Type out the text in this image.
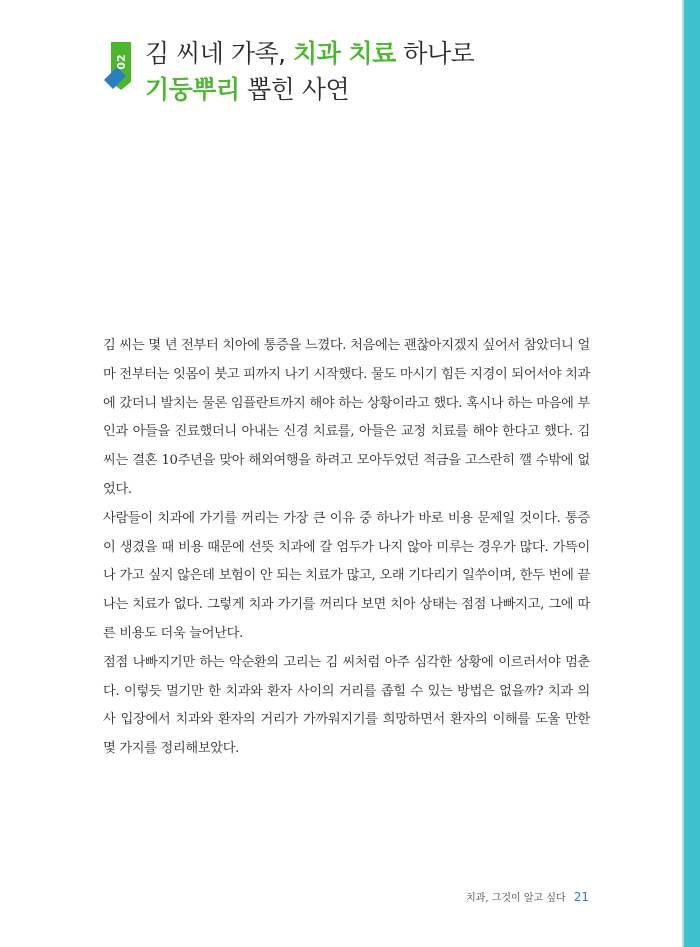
02 김 씨네 가족, 치과 치료 하나로
기둥뿌리 뽑힌 사연

김 씨는 몇 년 전부터 치아에 통증을 느꼈다. 처음에는 괜찮아지겠지 싶어서 참았더니 얼마 전부터는 잇몸이 붓고 피까지 나기 시작했다. 물도 마시기 힘든 지경이 되어서야 치과에 갔더니 발치는 물론 임플란트까지 해야 하는 상황이라고 했다. 혹시나 하는 마음에 부인과 아들을 진료했더니 아내는 신경 치료를, 아들은 교정 치료를 해야 한다고 했다. 김 씨는 결혼 10주년을 맞아 해외여행을 하려고 모아두었던 적금을 고스란히 깰 수밖에 없었다.

사람들이 치과에 가기를 꺼리는 가장 큰 이유 중 하나가 바로 비용 문제일 것이다. 통증이 생겼을 때 비용 때문에 선뜻 치과에 갈 엄두가 나지 않아 미루는 경우가 많다. 가뜩이나 가고 싶지 않은데 보험이 안 되는 치료가 많고, 오래 기다리기 일쑤이며, 한두 번에 끝나는 치료가 없다. 그렇게 치과 가기를 꺼리다 보면 치아 상태는 점점 나빠지고, 그에 따른 비용도 더욱 늘어난다.

점점 나빠지기만 하는 악순환의 고리는 김 씨처럼 아주 심각한 상황에 이르러서야 멈춘다. 이렇듯 멀기만 한 치과와 환자 사이의 거리를 좁힐 수 있는 방법은 없을까? 치과 의사 입장에서 치과와 환자의 거리가 가까워지기를 희망하면서 환자의 이해를 도울 만한 몇 가지를 정리해보았다.

치과, 그것이 알고 싶다 21
